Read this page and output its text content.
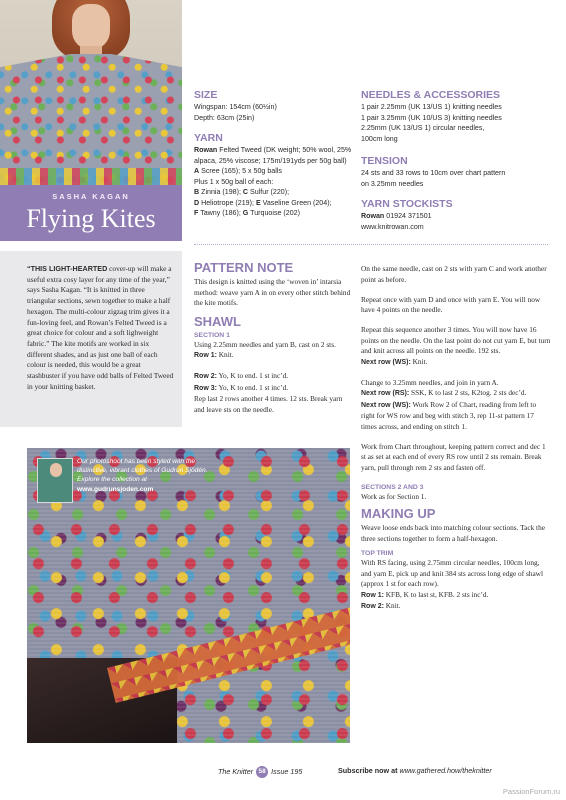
SASHA KAGAN
Flying Kites
SIZE

Wingspan: 154cm (60½in)

Depth: 63cm (25in)

YARN

Rowan Felted Tweed (DK weight; 50% wool, 25% alpaca, 25% viscose; 175m/191yds per 50g ball)

A Scree (165); 5 x 50g balls

Plus 1 x 50g ball of each:

B Zinnia (198); C Sulfur (220);

D Heliotrope (219); E Vaseline Green (204);

F Tawny (186); G Turquoise (202)

NEEDLES & ACCESSORIES

1 pair 2.25mm (UK 13/US 1) knitting needles

1 pair 3.25mm (UK 10/US 3) knitting needles

2.25mm (UK 13/US 1) circular needles,

100cm long

TENSION

24 sts and 33 rows to 10cm over chart pattern

on 3.25mm needles

YARN STOCKISTS

Rowan 01924 371501

www.knitrowan.com

“THIS LIGHT-HEARTED cover-up will make a useful extra cosy layer for any time of the year,” says Sasha Kagan. “It is knitted in three triangular sections, sewn together to make a half hexagon. The multi-colour zigzag trim gives it a fun-loving feel, and Rowan’s Felted Tweed is a great choice for colour and a soft lighweight fabric.” The kite motifs are worked in six different shades, and as just one ball of each colour is needed, this would be a great stashbuster if you have odd balls of Felted Tweed in your knitting basket.

PATTERN NOTE

This design is knitted using the ‘woven in’ intarsia method: weave yarn A in on every other stitch behind the kite motifs.

SHAWL
SECTION 1

Using 2.25mm needles and yarn B, cast on 2 sts.

Row 1: Knit.

Row 2: Yo, K to end. 1 st inc’d.

Row 3: Yo, K to end. 1 st inc’d.

Rep last 2 rows another 4 times. 12 sts. Break yarn and leave sts on the needle.

On the same needle, cast on 2 sts with yarn C and work another point as before.

Repeat once with yarn D and once with yarn E. You will now have 4 points on the needle.

Repeat this sequence another 3 times. You will now have 16 points on the needle. On the last point do not cut yarn E, but turn and knit across all points on the needle. 192 sts.

Next row (WS): Knit.

Change to 3.25mm needles, and join in yarn A.

Next row (RS): SSK, K to last 2 sts, K2tog. 2 sts dec’d.

Next row (WS): Work Row 2 of Chart, reading from left to right for WS row and beg with stitch 3, rep 11-st pattern 17 times across, and ending on stitch 1.

Work from Chart throughout, keeping pattern correct and dec 1 st as set at each end of every RS row until 2 sts remain. Break yarn, pull through rem 2 sts and fasten off.

SECTIONS 2 AND 3

Work as for Section 1.

MAKING UP

Weave loose ends back into matching colour sections. Tack the three sections together to form a half-hexagon.

TOP TRIM

With RS facing, using 2.75mm circular needles, 100cm long, and yarn E, pick up and knit 384 sts across long edge of shawl (approx 1 st for each row).

Row 1: KFB, K to last st, KFB. 2 sts inc’d.

Row 2: Knit.

Our photoshoot has been styled with the distinctive, vibrant clothes of Gudrun Sjödén. Explore the collection at www.gudrunsjoden.com
The Knitter 58 Issue 195	Subscribe now at www.gathered.how/theknitter
PassionForum.ru
